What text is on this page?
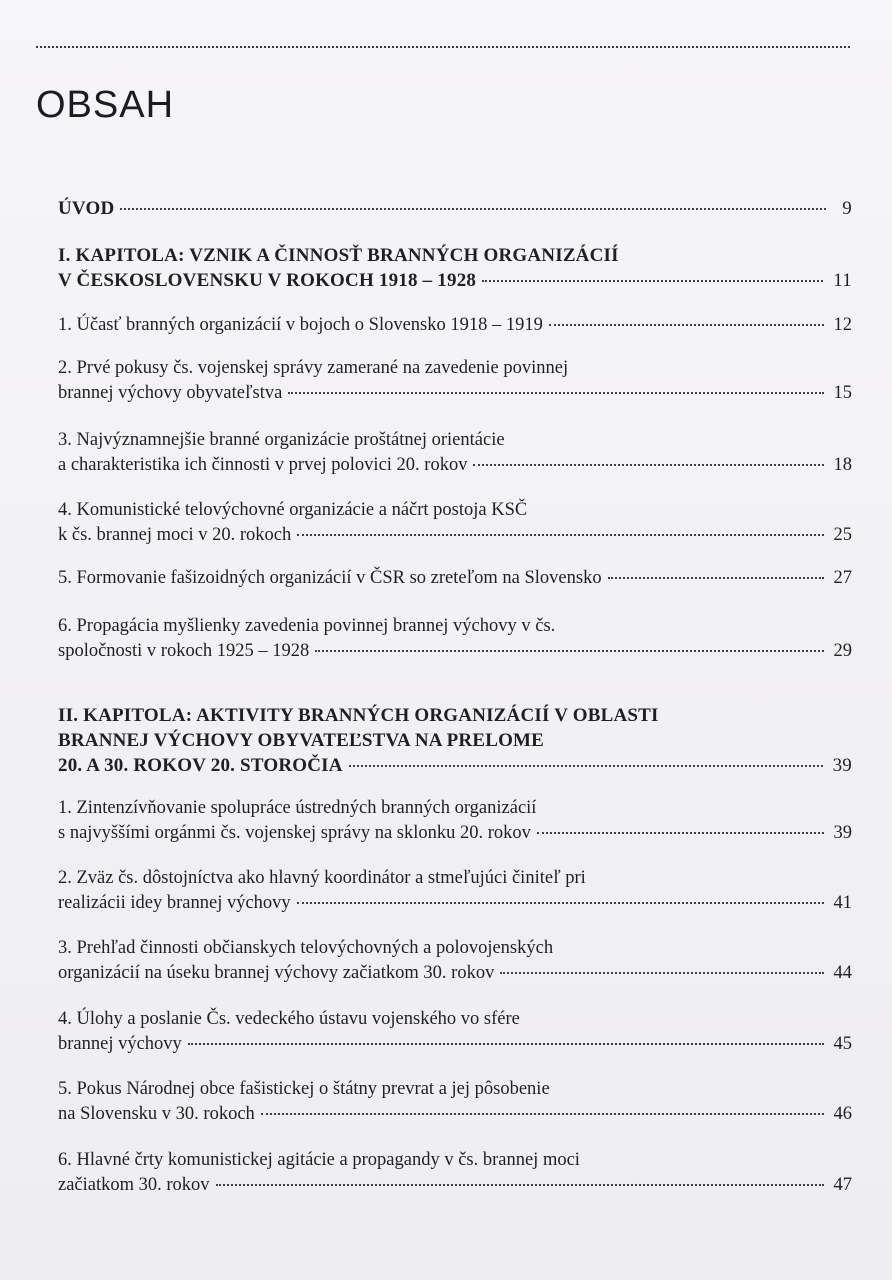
OBSAH
ÚVOD	9
I. KAPITOLA: VZNIK A ČINNOSŤ BRANNÝCH ORGANIZÁCIÍ
V ČESKOSLOVENSKU V ROKOCH 1918 – 1928	11
1. Účasť branných organizácií v bojoch o Slovensko 1918 – 1919	12
2. Prvé pokusy čs. vojenskej správy zamerané na zavedenie povinnej
brannej výchovy obyvateľstva	15
3. Najvýznamnejšie branné organizácie proštátnej orientácie
a charakteristika ich činnosti v prvej polovici 20. rokov	18
4. Komunistické telovýchovné organizácie a náčrt postoja KSČ
k čs. brannej moci v 20. rokoch	25
5. Formovanie fašizoidných organizácií v ČSR so zreteľom na Slovensko	27
6. Propagácia myšlienky zavedenia povinnej brannej výchovy v čs.
spoločnosti v rokoch 1925 – 1928	29
II. KAPITOLA: AKTIVITY BRANNÝCH ORGANIZÁCIÍ V OBLASTI
BRANNEJ VÝCHOVY OBYVATEĽSTVA NA PRELOME
20. A 30. ROKOV 20. STOROČIA	39
1. Zintenzívňovanie spolupráce ústredných branných organizácií
s najvyššími orgánmi čs. vojenskej správy na sklonku 20. rokov	39
2. Zväz čs. dôstojníctva ako hlavný koordinátor a stmeľujúci činiteľ pri
realizácii idey brannej výchovy	41
3. Prehľad činnosti občianskych telovýchovných a polovojenských
organizácií na úseku brannej výchovy začiatkom 30. rokov	44
4. Úlohy a poslanie Čs. vedeckého ústavu vojenského vo sfére
brannej výchovy	45
5. Pokus Národnej obce fašistickej o štátny prevrat a jej pôsobenie
na Slovensku v 30. rokoch	46
6. Hlavné črty komunistickej agitácie a propagandy v čs. brannej moci
začiatkom 30. rokov	47
